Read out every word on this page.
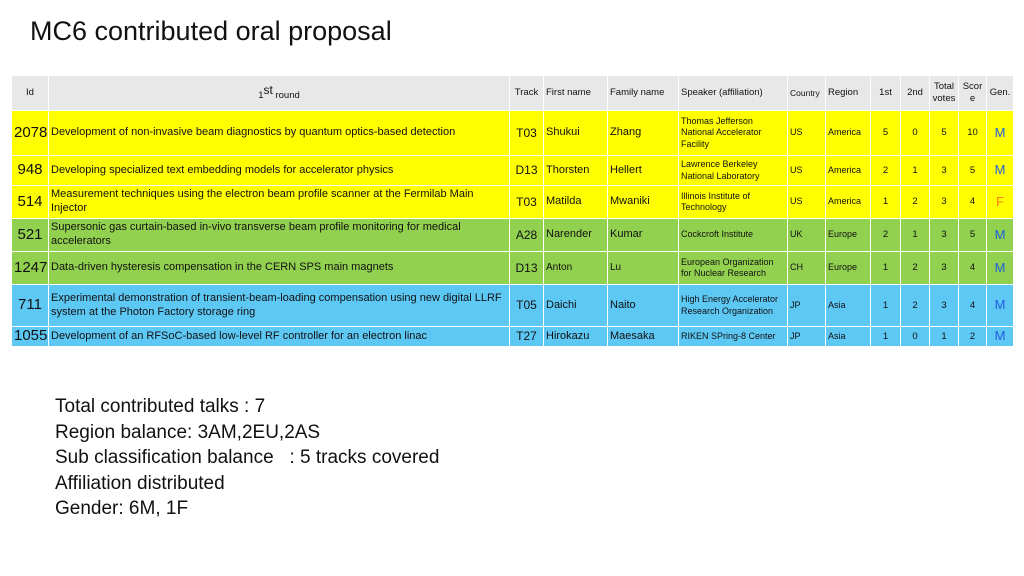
MC6 contributed oral proposal
Id	1st round	Track	First name	Family name	Speaker (affiliation)	Country	Region	1st	2nd	Total votes	Score	Gen.
2078	Development of non-invasive beam diagnostics by quantum optics-based detection	T03	Shukui	Zhang	Thomas Jefferson National Accelerator Facility	US	America	5	0	5	10	M
948	Developing specialized text embedding models for accelerator physics	D13	Thorsten	Hellert	Lawrence Berkeley National Laboratory	US	America	2	1	3	5	M
514	Measurement techniques using the electron beam profile scanner at the Fermilab Main Injector	T03	Matilda	Mwaniki	Illinois Institute of Technology	US	America	1	2	3	4	F
521	Supersonic gas curtain-based in-vivo transverse beam profile monitoring for medical accelerators	A28	Narender	Kumar	Cockcroft Institute	UK	Europe	2	1	3	5	M
1247	Data-driven hysteresis compensation in the CERN SPS main magnets	D13	Anton	Lu	European Organization for Nuclear Research	CH	Europe	1	2	3	4	M
711	Experimental demonstration of transient-beam-loading compensation using new digital LLRF system at the Photon Factory storage ring	T05	Daichi	Naito	High Energy Accelerator Research Organization	JP	Asia	1	2	3	4	M
1055	Development of an RFSoC-based low-level RF controller for an electron linac	T27	Hirokazu	Maesaka	RIKEN SPring-8 Center	JP	Asia	1	0	1	2	M
Total contributed talks : 7
Region balance: 3AM,2EU,2AS
Sub classification balance   : 5 tracks covered
Affiliation distributed
Gender: 6M, 1F
